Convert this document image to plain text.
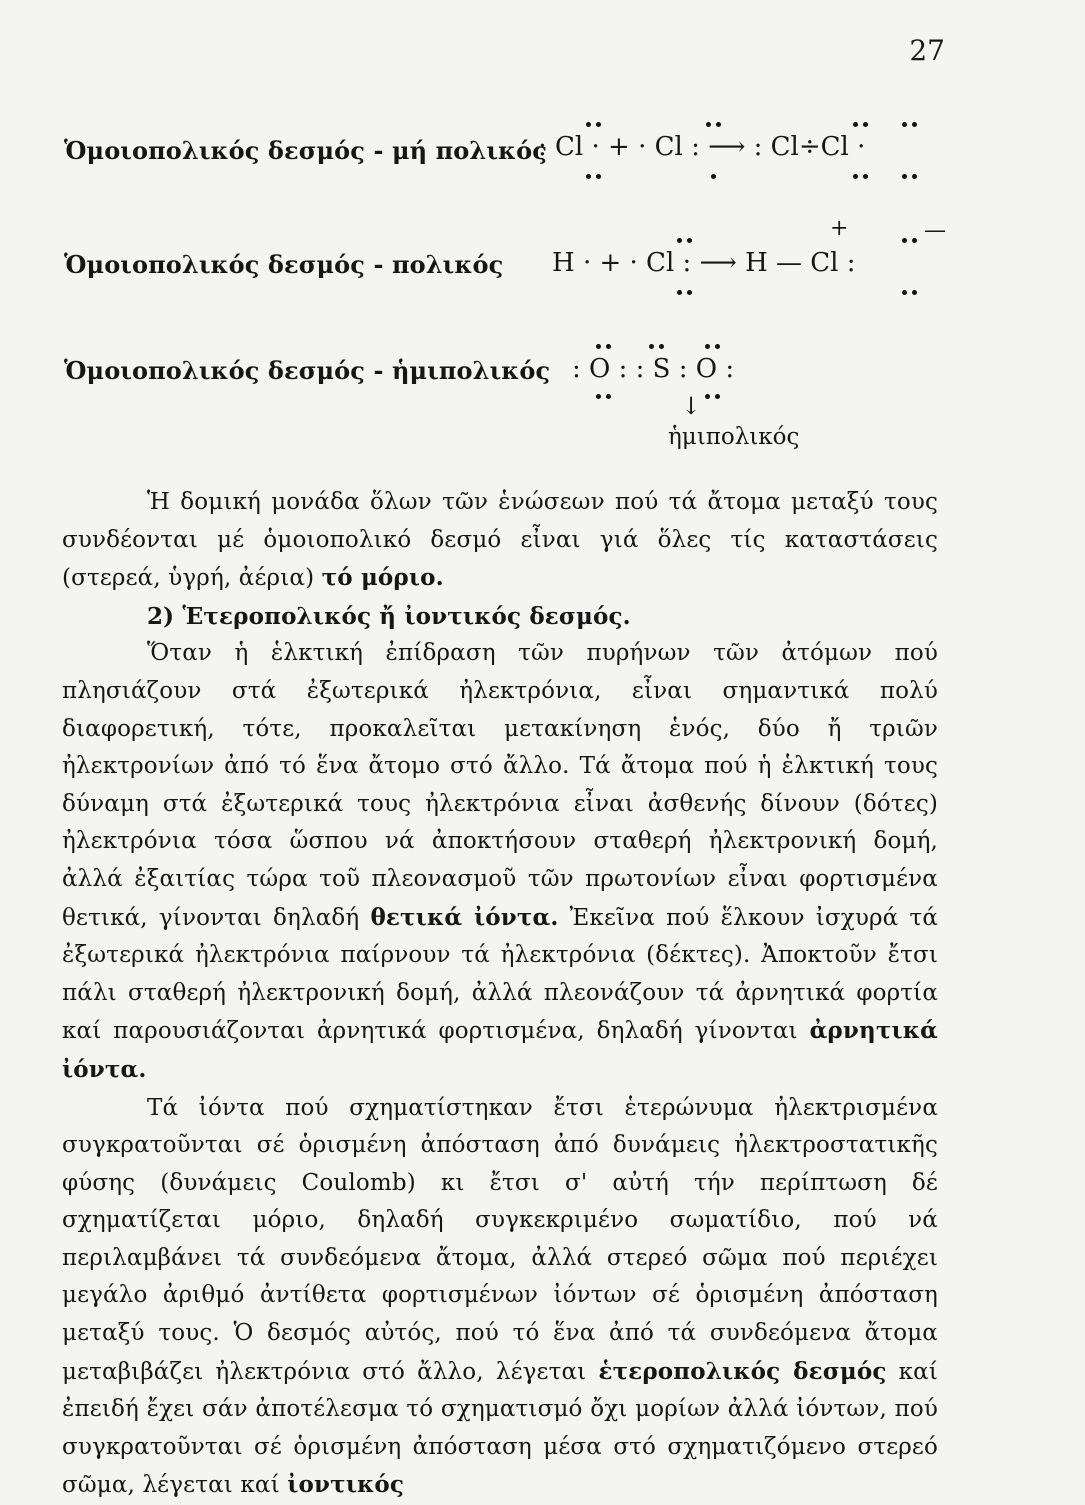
27
Ὁμοιοπολικός δεσμός - μή πολικός
: Cl · + · Cl : ⟶ : Cl÷Cl ·
Ὁμοιοπολικός δεσμός - πολικός H · + · Cl : ⟶ H — Cl :
+	—
Ὁμοιοπολικός δεσμός - ἡμιπολικός : O : : S : O :
↓
ἡμιπολικός

Ἡ δομική μονάδα ὅλων τῶν ἑνώσεων πού τά ἄτομα μεταξύ τους συνδέονται μέ ὁμοιοπολικό δεσμό εἶναι γιά ὅλες τίς καταστάσεις (στερεά, ὑγρή, ἀέρια) τό μόριο.

2) Ἑτεροπολικός ἤ ἰοντικός δεσμός.

Ὅταν ἡ ἑλκτική ἐπίδραση τῶν πυρήνων τῶν ἀτόμων πού πλησιάζουν στά ἐξωτερικά ἠλεκτρόνια, εἶναι σημαντικά πολύ διαφορετική, τότε, προκαλεῖται μετακίνηση ἑνός, δύο ἤ τριῶν ἠλεκτρονίων ἀπό τό ἕνα ἄτομο στό ἄλλο. Τά ἄτομα πού ἡ ἑλκτική τους δύναμη στά ἐξωτερικά τους ἠλεκτρόνια εἶναι ἀσθενής δίνουν (δότες) ἠλεκτρόνια τόσα ὥσπου νά ἀποκτήσουν σταθερή ἠλεκτρονική δομή, ἀλλά ἐξαιτίας τώρα τοῦ πλεονασμοῦ τῶν πρωτονίων εἶναι φορτισμένα θετικά, γίνονται δηλαδή θετικά ἰόντα. Ἐκεῖνα πού ἕλκουν ἰσχυρά τά ἐξωτερικά ἠλεκτρόνια παίρνουν τά ἠλεκτρόνια (δέκτες). Ἀποκτοῦν ἔτσι πάλι σταθερή ἠλεκτρονική δομή, ἀλλά πλεονάζουν τά ἀρνητικά φορτία καί παρουσιάζονται ἀρνητικά φορτισμένα, δηλαδή γίνονται ἀρνητικά ἰόντα.

Τά ἰόντα πού σχηματίστηκαν ἔτσι ἑτερώνυμα ἠλεκτρισμένα συγκρατοῦνται σέ ὁρισμένη ἀπόσταση ἀπό δυνάμεις ἠλεκτροστατικῆς φύσης (δυνάμεις Coulomb) κι ἔτσι σ' αὐτή τήν περίπτωση δέ σχηματίζεται μόριο, δηλαδή συγκεκριμένο σωματίδιο, πού νά περιλαμβάνει τά συνδεόμενα ἄτομα, ἀλλά στερεό σῶμα πού περιέχει μεγάλο ἀριθμό ἀντίθετα φορτισμένων ἰόντων σέ ὁρισμένη ἀπόσταση μεταξύ τους. Ὁ δεσμός αὐτός, πού τό ἕνα ἀπό τά συνδεόμενα ἄτομα μεταβιβάζει ἠλεκτρόνια στό ἄλλο, λέγεται ἑτεροπολικός δεσμός καί ἐπειδή ἔχει σάν ἀποτέλεσμα τό σχηματισμό ὄχι μορίων ἀλλά ἰόντων, πού συγκρατοῦνται σέ ὁρισμένη ἀπόσταση μέσα στό σχηματιζόμενο στερεό σῶμα, λέγεται καί ἰοντικός
